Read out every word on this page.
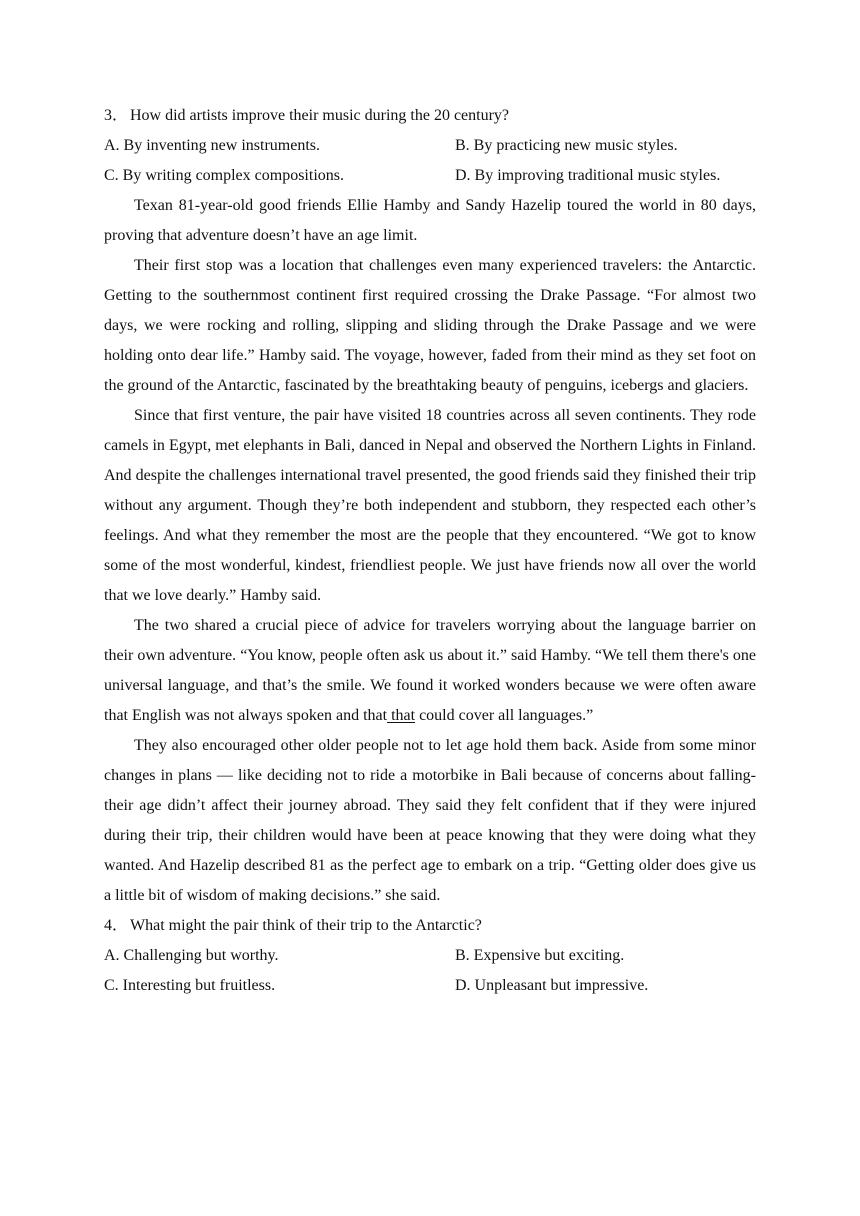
3． How did artists improve their music during the 20 century?
A. By inventing new instruments.	B. By practicing new music styles.
C. By writing complex compositions.	D. By improving traditional music styles.

Texan 81-year-old good friends Ellie Hamby and Sandy Hazelip toured the world in 80 days, proving that adventure doesn’t have an age limit.

Their first stop was a location that challenges even many experienced travelers: the Antarctic. Getting to the southernmost continent first required crossing the Drake Passage. “For almost two days, we were rocking and rolling, slipping and sliding through the Drake Passage and we were holding onto dear life.” Hamby said. The voyage, however, faded from their mind as they set foot on the ground of the Antarctic, fascinated by the breathtaking beauty of penguins, icebergs and glaciers.

Since that first venture, the pair have visited 18 countries across all seven continents. They rode camels in Egypt, met elephants in Bali, danced in Nepal and observed the Northern Lights in Finland. And despite the challenges international travel presented, the good friends said they finished their trip without any argument. Though they’re both independent and stubborn, they respected each other’s feelings. And what they remember the most are the people that they encountered. “We got to know some of the most wonderful, kindest, friendliest people. We just have friends now all over the world that we love dearly.” Hamby said.

The two shared a crucial piece of advice for travelers worrying about the language barrier on their own adventure. “You know, people often ask us about it.” said Hamby. “We tell them there's one universal language, and that’s the smile. We found it worked wonders because we were often aware that English was not always spoken and that that could cover all languages.”

They also encouraged other older people not to let age hold them back. Aside from some minor changes in plans — like deciding not to ride a motorbike in Bali because of concerns about falling-their age didn’t affect their journey abroad. They said they felt confident that if they were injured during their trip, their children would have been at peace knowing that they were doing what they wanted. And Hazelip described 81 as the perfect age to embark on a trip. “Getting older does give us a little bit of wisdom of making decisions.” she said.

4． What might the pair think of their trip to the Antarctic?
A. Challenging but worthy.	B. Expensive but exciting.
C. Interesting but fruitless.	D. Unpleasant but impressive.
